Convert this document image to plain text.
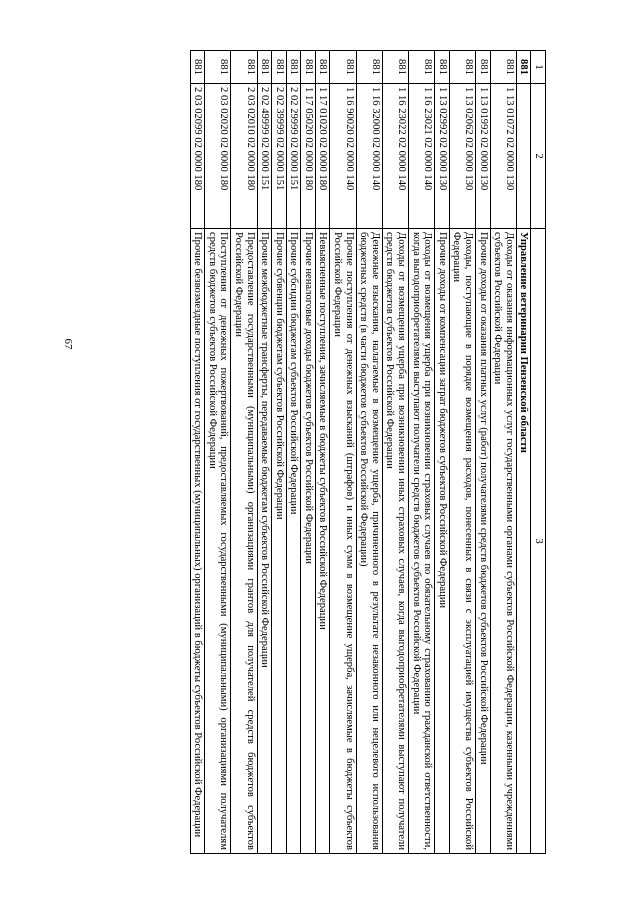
67
1	2	3
881		Управление ветеринарии Пензенской области
881	1 13 01072 02 0000 130	Доходы от оказания информационных услуг государственными органами субъектов Российской Федерации, казенными учреждениями субъектов Российской Федерации
881	1 13 01992 02 0000 130	Прочие доходы от оказания платных услуг (работ) получателями средств бюджетов субъектов Российской Федерации
881	1 13 02062 02 0000 130	Доходы, поступающие в порядке возмещения расходов, понесенных в связи с эксплуатацией имущества субъектов Российской Федерации
881	1 13 02992 02 0000 130	Прочие доходы от компенсации затрат бюджетов субъектов Российской Федерации
881	1 16 23021 02 0000 140	Доходы от возмещения ущерба при возникновении страховых случаев по обязательному страхованию гражданской ответственности, когда выгодоприобретателями выступают получатели средств бюджетов субъектов Российской Федерации
881	1 16 23022 02 0000 140	Доходы от возмещения ущерба при возникновении иных страховых случаев, когда выгодоприобретателями выступают получатели средств бюджетов субъектов Российской Федерации
881	1 16 32000 02 0000 140	Денежные взыскания, налагаемые в возмещение ущерба, причиненного в результате незаконного или нецелевого использования бюджетных средств (в части бюджетов субъектов Российской Федерации)
881	1 16 90020 02 0000 140	Прочие поступления от денежных взысканий (штрафов) и иных сумм в возмещение ущерба, зачисляемые в бюджеты субъектов Российской Федерации
881	1 17 01020 02 0000 180	Невыясненные поступления, зачисляемые в бюджеты субъектов Российской Федерации
881	1 17 05020 02 0000 180	Прочие неналоговые доходы бюджетов субъектов Российской Федерации
881	2 02 29999 02 0000 151	Прочие субсидии бюджетам субъектов Российской Федерации
881	2 02 39999 02 0000 151	Прочие субвенции бюджетам субъектов Российской Федерации
881	2 02 49999 02 0000 151	Прочие межбюджетные трансферты, передаваемые бюджетам субъектов Российской Федерации
881	2 03 02010 02 0000 180	Предоставление государственными (муниципальными) организациями грантов для получателей средств бюджетов субъектов Российской Федерации
881	2 03 02020 02 0000 180	Поступления от денежных пожертвований, предоставляемых государственными (муниципальными) организациями получателям средств бюджетов субъектов Российской Федерации
881	2 03 02099 02 0000 180	Прочие безвозмездные поступления от государственных (муниципальных) организаций в бюджеты субъектов Российской Федерации
